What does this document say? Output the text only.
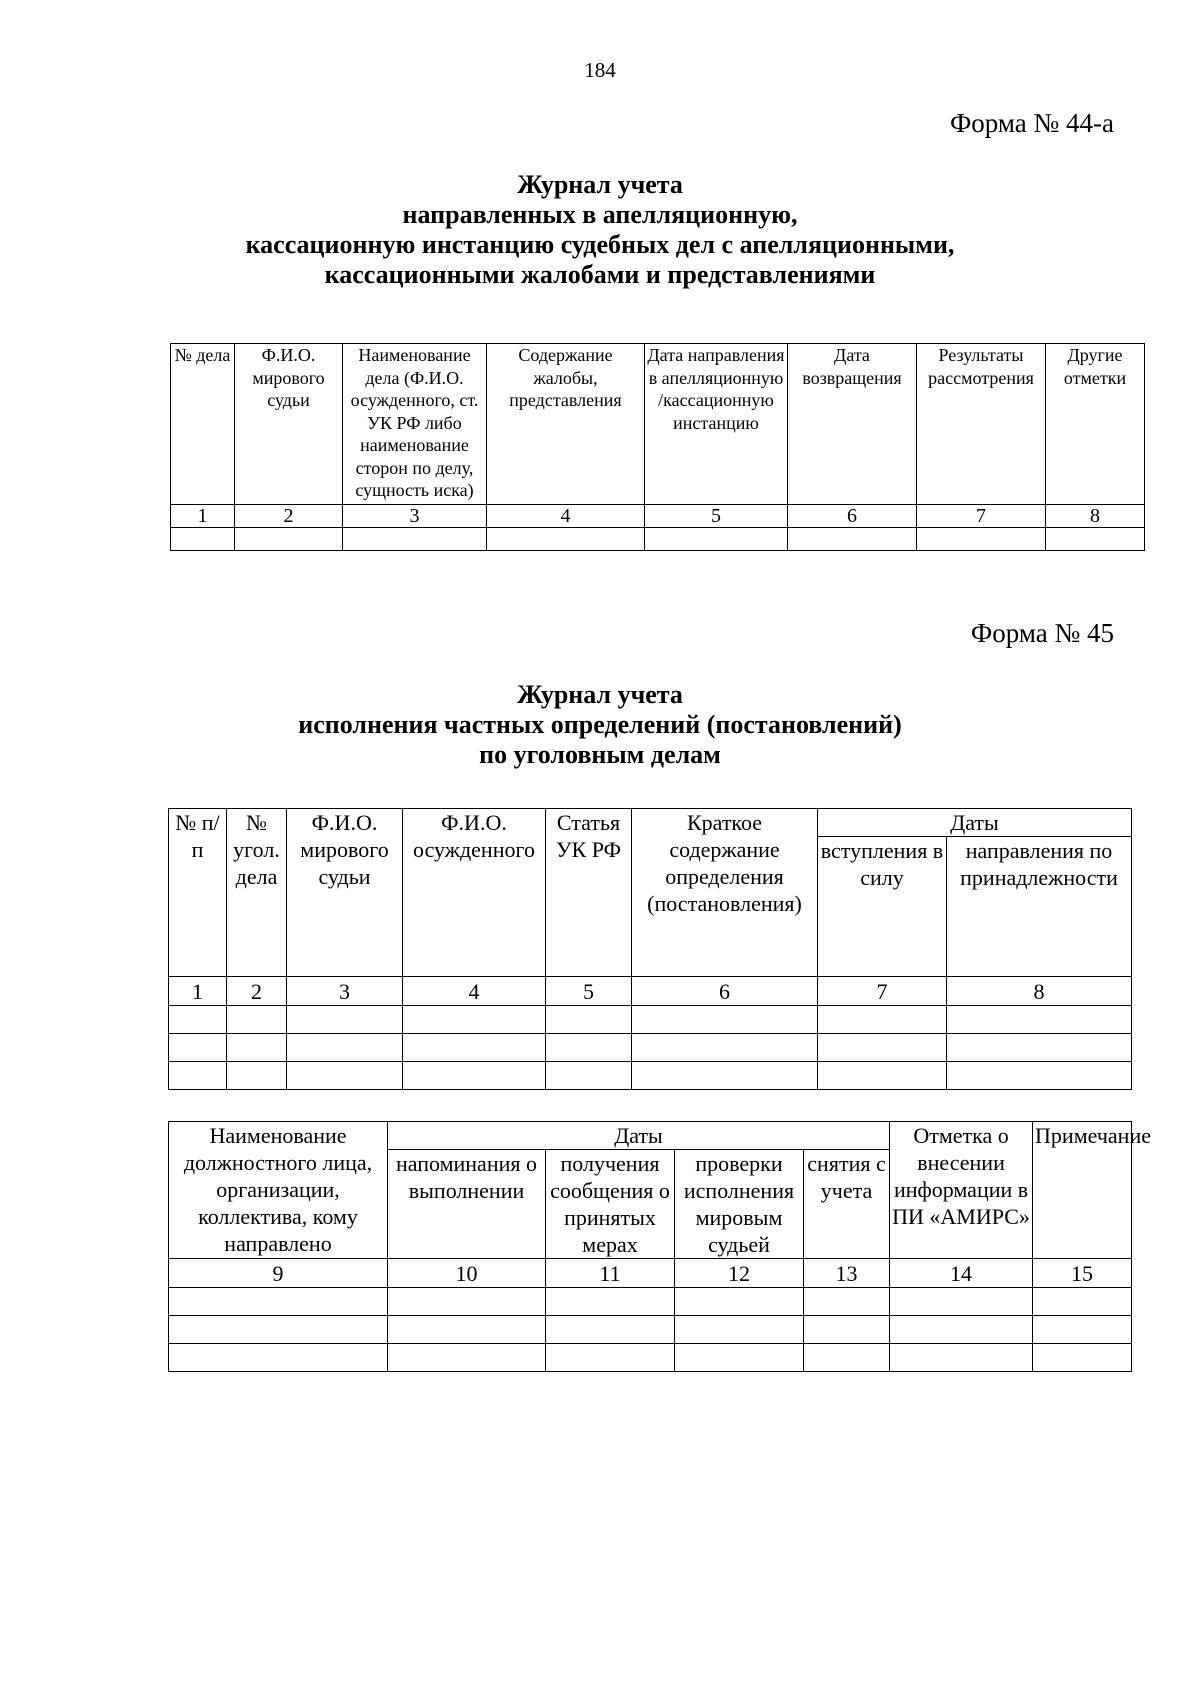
184
Форма № 44-а
Журнал учета
направленных в апелляционную,
кассационную инстанцию судебных дел с апелляционными,
кассационными жалобами и представлениями
№ дела	Ф.И.О. мирового судьи	Наименование дела (Ф.И.О. осужденного, ст. УК РФ либо наименование сторон по делу, сущность иска)	Содержание жалобы, представления	Дата направления в апелляционную /кассационную инстанцию	Дата возвращения	Результаты рассмотрения	Другие отметки
1	2	3	4	5	6	7	8

Форма № 45
Журнал учета
исполнения частных определений (постановлений)
по уголовным делам
№ п/п	№ угол. дела	Ф.И.О. мирового судьи	Ф.И.О. осужденного	Статья УК РФ	Краткое содержание определения (постановления)	Даты	
						вступления в силу	направления по принадлежности
1	2	3	4	5	6	7	8

Наименование должностного лица, организации, коллектива, кому направлено	Даты				Отметка о внесении информации в ПИ «АМИРС»	Примечание
	напоминания о выполнении	получения сообщения о принятых мерах	проверки исполнения мировым судьей	снятия с учета		
9	10	11	12	13	14	15
